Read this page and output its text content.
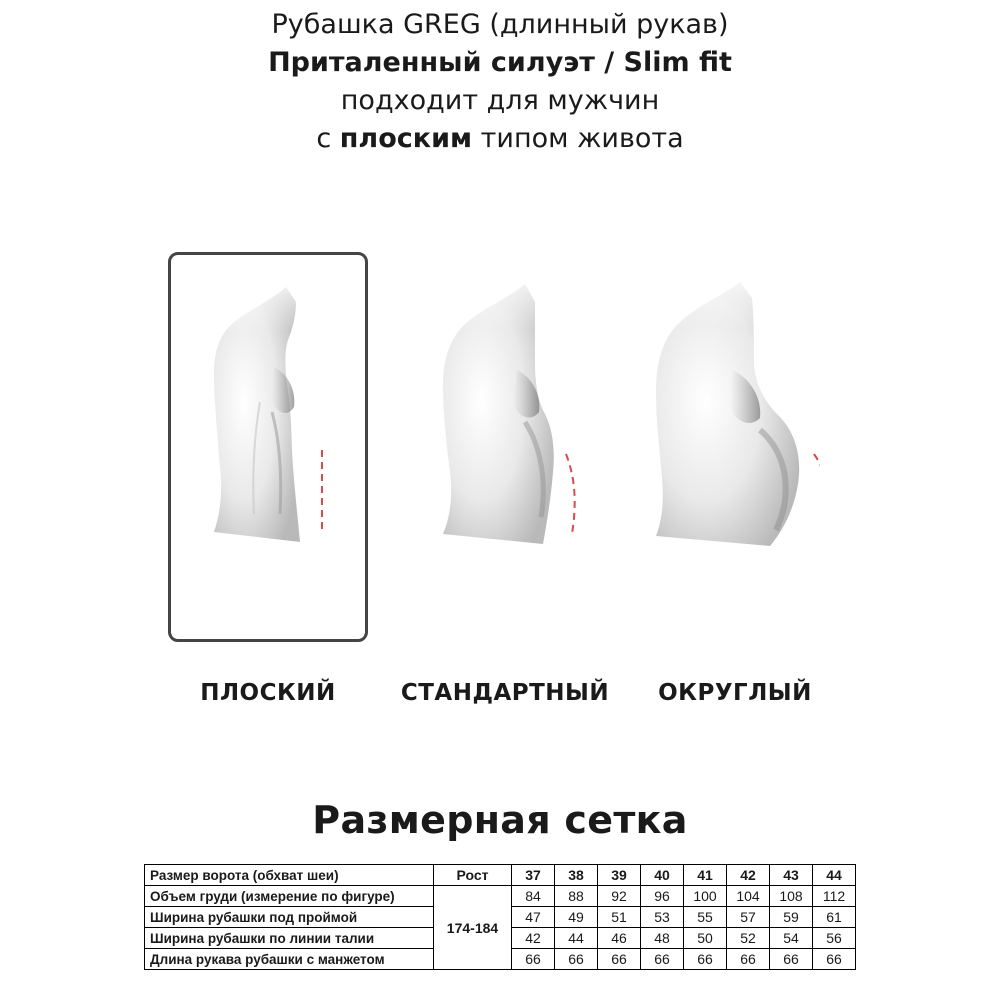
Рубашка GREG (длинный рукав)
Приталенный силуэт / Slim fit
подходит для мужчин
с плоским типом живота
ПЛОСКИЙ	СТАНДАРТНЫЙ	ОКРУГЛЫЙ
Размерная сетка
Размер ворота (обхват шеи)	Рост	37	38	39	40	41	42	43	44
Объем груди (измерение по фигуре)	174-184	84	88	92	96	100	104	108	112
Ширина рубашки под проймой		47	49	51	53	55	57	59	61
Ширина рубашки по линии талии		42	44	46	48	50	52	54	56
Длина рукава рубашки с манжетом		66	66	66	66	66	66	66	66
